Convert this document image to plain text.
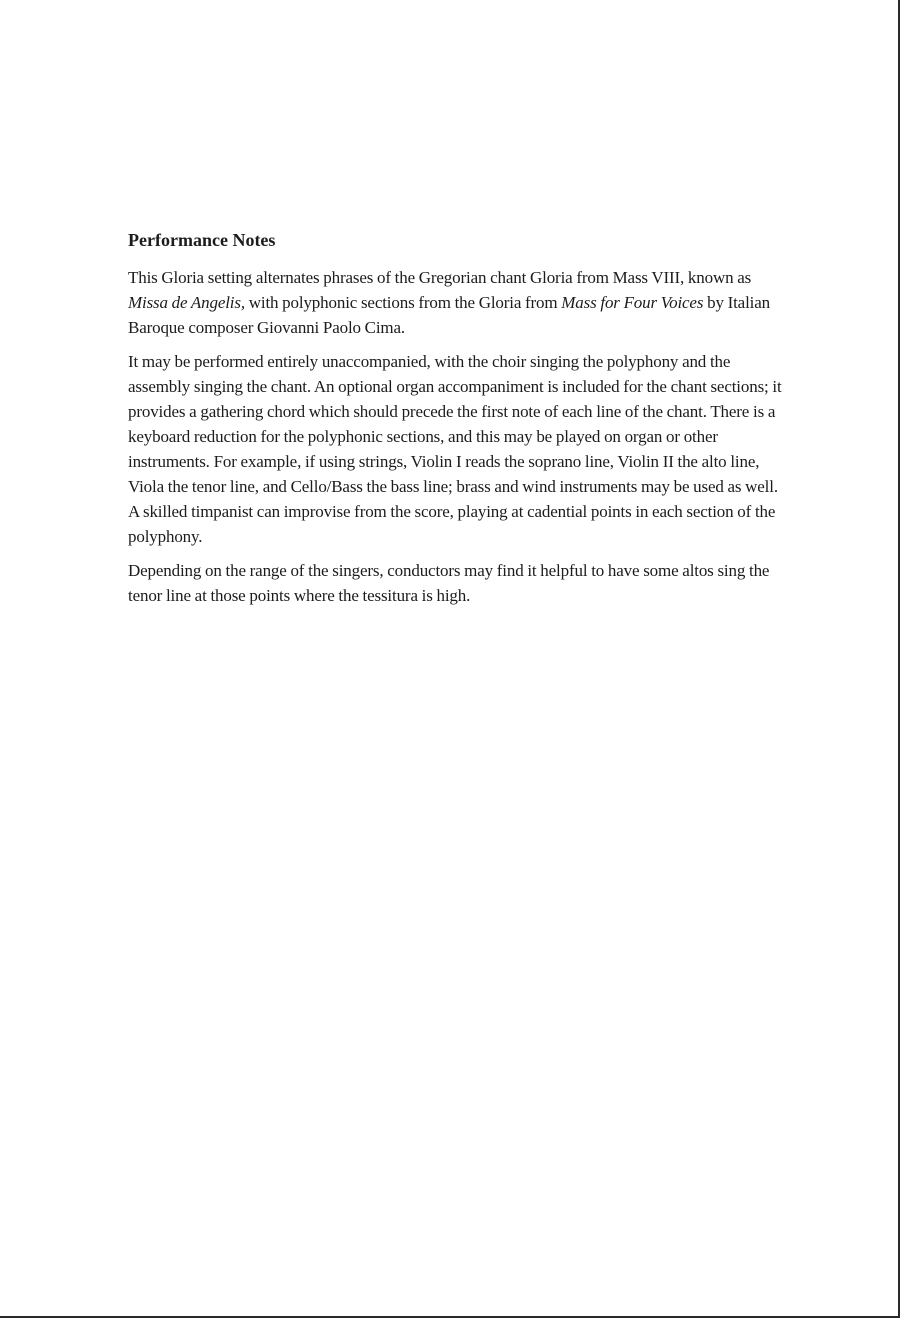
Performance Notes

This Gloria setting alternates phrases of the Gregorian chant Gloria from Mass VIII, known as Missa de Angelis, with polyphonic sections from the Gloria from Mass for Four Voices by Italian Baroque composer Giovanni Paolo Cima.

It may be performed entirely unaccompanied, with the choir singing the polyphony and the assembly singing the chant. An optional organ accompaniment is included for the chant sections; it provides a gathering chord which should precede the first note of each line of the chant. There is a keyboard reduction for the polyphonic sections, and this may be played on organ or other instruments. For example, if using strings, Violin I reads the soprano line, Violin II the alto line, Viola the tenor line, and Cello/Bass the bass line; brass and wind instruments may be used as well. A skilled timpanist can improvise from the score, playing at cadential points in each section of the polyphony.

Depending on the range of the singers, conductors may find it helpful to have some altos sing the tenor line at those points where the tessitura is high.
